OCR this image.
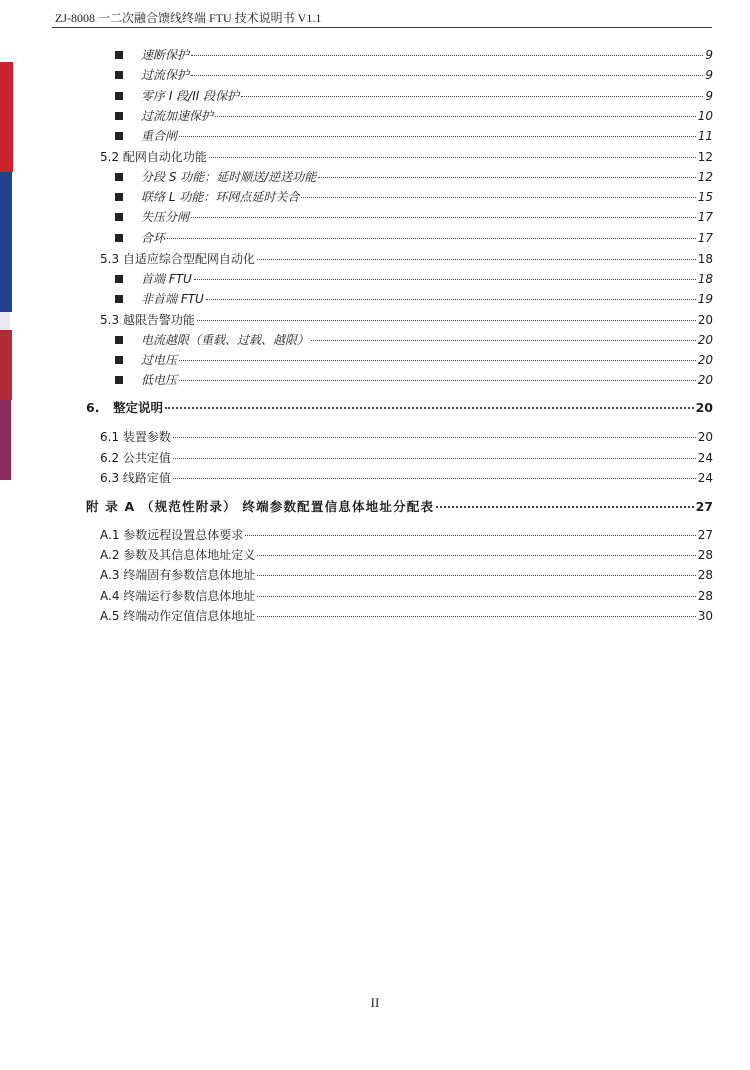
ZJ-8008 一二次融合馈线终端 FTU 技术说明书 V1.1
速断保护	9
过流保护	9
零序 I 段/II 段保护	9
过流加速保护	10
重合闸	11
5.2 配网自动化功能	12
分段 S 功能：延时顺送/逆送功能	12
联络 L 功能：环网点延时关合	15
失压分闸	17
合环	17
5.3 自适应综合型配网自动化	18
首端 FTU	18
非首端 FTU	19
5.3 越限告警功能	20
电流越限（重载、过载、越限）	20
过电压	20
低电压	20
6. 整定说明	20
6.1 装置参数	20
6.2 公共定值	24
6.3 线路定值	24
附 录 A （规范性附录） 终端参数配置信息体地址分配表	27
A.1 参数远程设置总体要求	27
A.2 参数及其信息体地址定义	28
A.3 终端固有参数信息体地址	28
A.4 终端运行参数信息体地址	28
A.5 终端动作定值信息体地址	30
II
